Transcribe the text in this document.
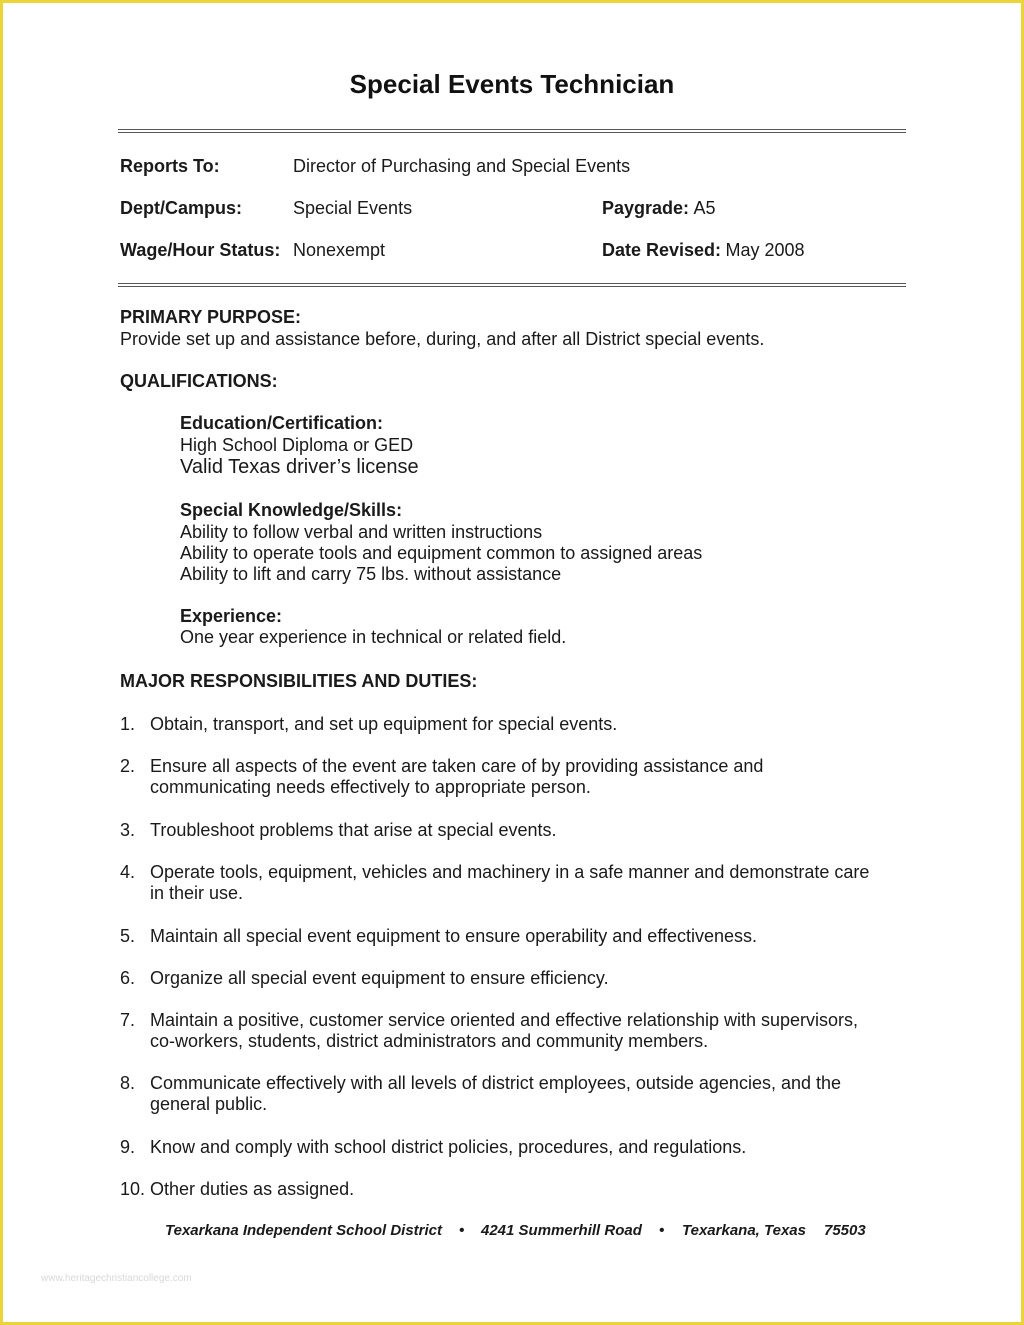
Special Events Technician
Reports To:	Director of Purchasing and Special Events
Dept/Campus:	Special Events	Paygrade: A5
Wage/Hour Status: Nonexempt	Date Revised: May 2008
PRIMARY PURPOSE:
Provide set up and assistance before, during, and after all District special events.
QUALIFICATIONS:
Education/Certification:
High School Diploma or GED
Valid Texas driver’s license
Special Knowledge/Skills:
Ability to follow verbal and written instructions
Ability to operate tools and equipment common to assigned areas
Ability to lift and carry 75 lbs. without assistance
Experience:
One year experience in technical or related field.
MAJOR RESPONSIBILITIES AND DUTIES:
1. Obtain, transport, and set up equipment for special events.
2. Ensure all aspects of the event are taken care of by providing assistance and
communicating needs effectively to appropriate person.
3. Troubleshoot problems that arise at special events.
4. Operate tools, equipment, vehicles and machinery in a safe manner and demonstrate care
in their use.
5. Maintain all special event equipment to ensure operability and effectiveness.
6. Organize all special event equipment to ensure efficiency.
7. Maintain a positive, customer service oriented and effective relationship with supervisors,
co-workers, students, district administrators and community members.
8. Communicate effectively with all levels of district employees, outside agencies, and the
general public.
9. Know and comply with school district policies, procedures, and regulations.
10. Other duties as assigned.
Texarkana Independent School District • 4241 Summerhill Road • Texarkana, Texas 75503
www.heritagechristiancollege.com
